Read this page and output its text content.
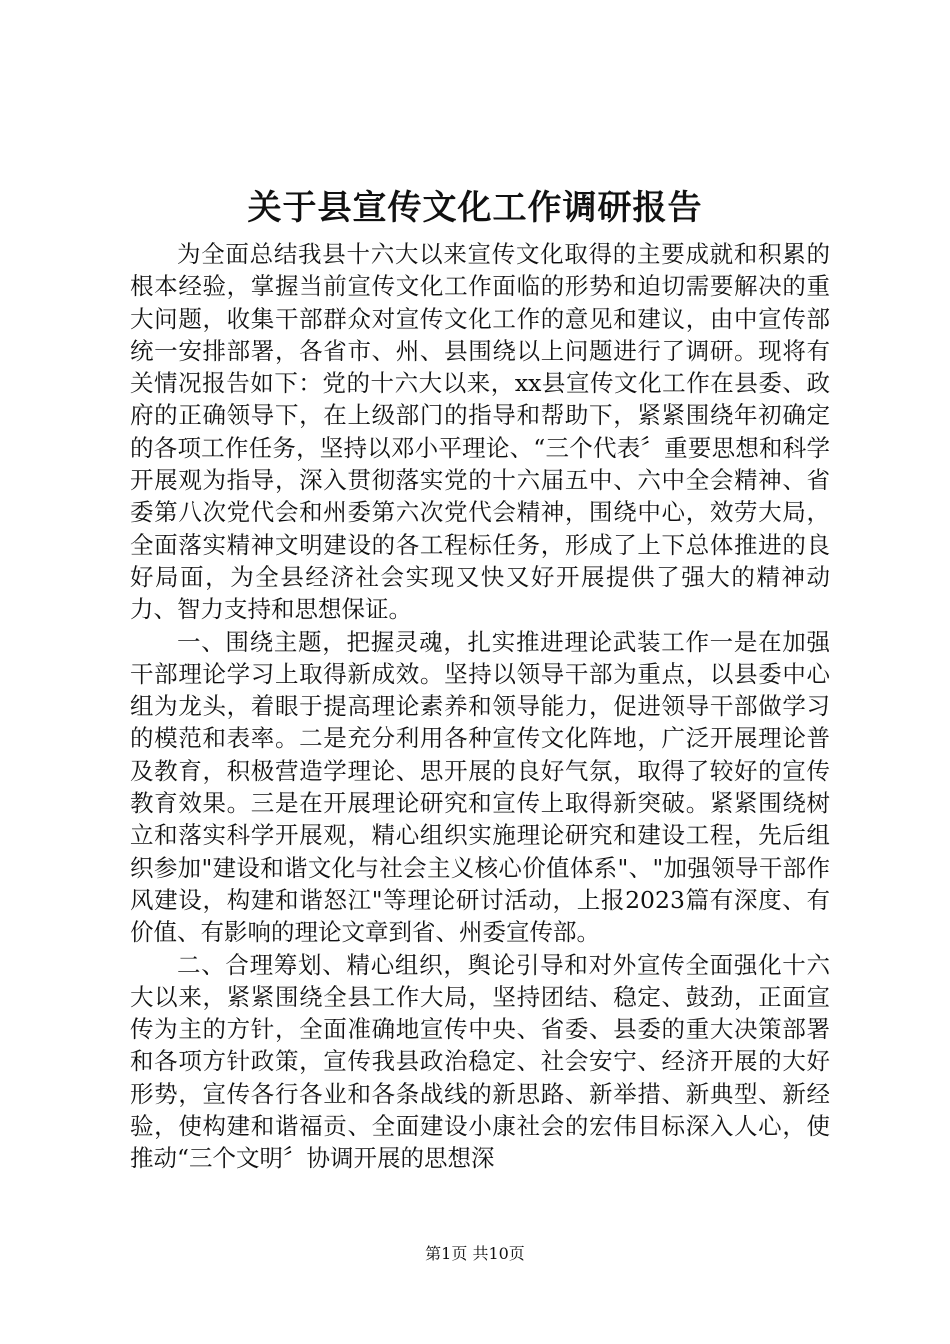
关于县宣传文化工作调研报告

为全面总结我县十六大以来宣传文化取得的主要成就和积累的根本经验，掌握当前宣传文化工作面临的形势和迫切需要解决的重大问题，收集干部群众对宣传文化工作的意见和建议，由中宣传部统一安排部署，各省市、州、县围绕以上问题进行了调研。现将有关情况报告如下：党的十六大以来，xx县宣传文化工作在县委、政府的正确领导下，在上级部门的指导和帮助下，紧紧围绕年初确定的各项工作任务，坚持以邓小平理论、“三个代表〞重要思想和科学开展观为指导，深入贯彻落实党的十六届五中、六中全会精神、省委第八次党代会和州委第六次党代会精神，围绕中心，效劳大局，全面落实精神文明建设的各工程标任务，形成了上下总体推进的良好局面，为全县经济社会实现又快又好开展提供了强大的精神动力、智力支持和思想保证。

一、围绕主题，把握灵魂，扎实推进理论武装工作一是在加强干部理论学习上取得新成效。坚持以领导干部为重点，以县委中心组为龙头，着眼于提高理论素养和领导能力，促进领导干部做学习的模范和表率。二是充分利用各种宣传文化阵地，广泛开展理论普及教育，积极营造学理论、思开展的良好气氛，取得了较好的宣传教育效果。三是在开展理论研究和宣传上取得新突破。紧紧围绕树立和落实科学开展观，精心组织实施理论研究和建设工程，先后组织参加"建设和谐文化与社会主义核心价值体系"、"加强领导干部作风建设，构建和谐怒江"等理论研讨活动，上报2023篇有深度、有价值、有影响的理论文章到省、州委宣传部。

二、合理筹划、精心组织，舆论引导和对外宣传全面强化十六大以来，紧紧围绕全县工作大局，坚持团结、稳定、鼓劲，正面宣传为主的方针，全面准确地宣传中央、省委、县委的重大决策部署和各项方针政策，宣传我县政治稳定、社会安宁、经济开展的大好形势，宣传各行各业和各条战线的新思路、新举措、新典型、新经验，使构建和谐福贡、全面建设小康社会的宏伟目标深入人心，使推动“三个文明〞协调开展的思想深

第1页 共10页
